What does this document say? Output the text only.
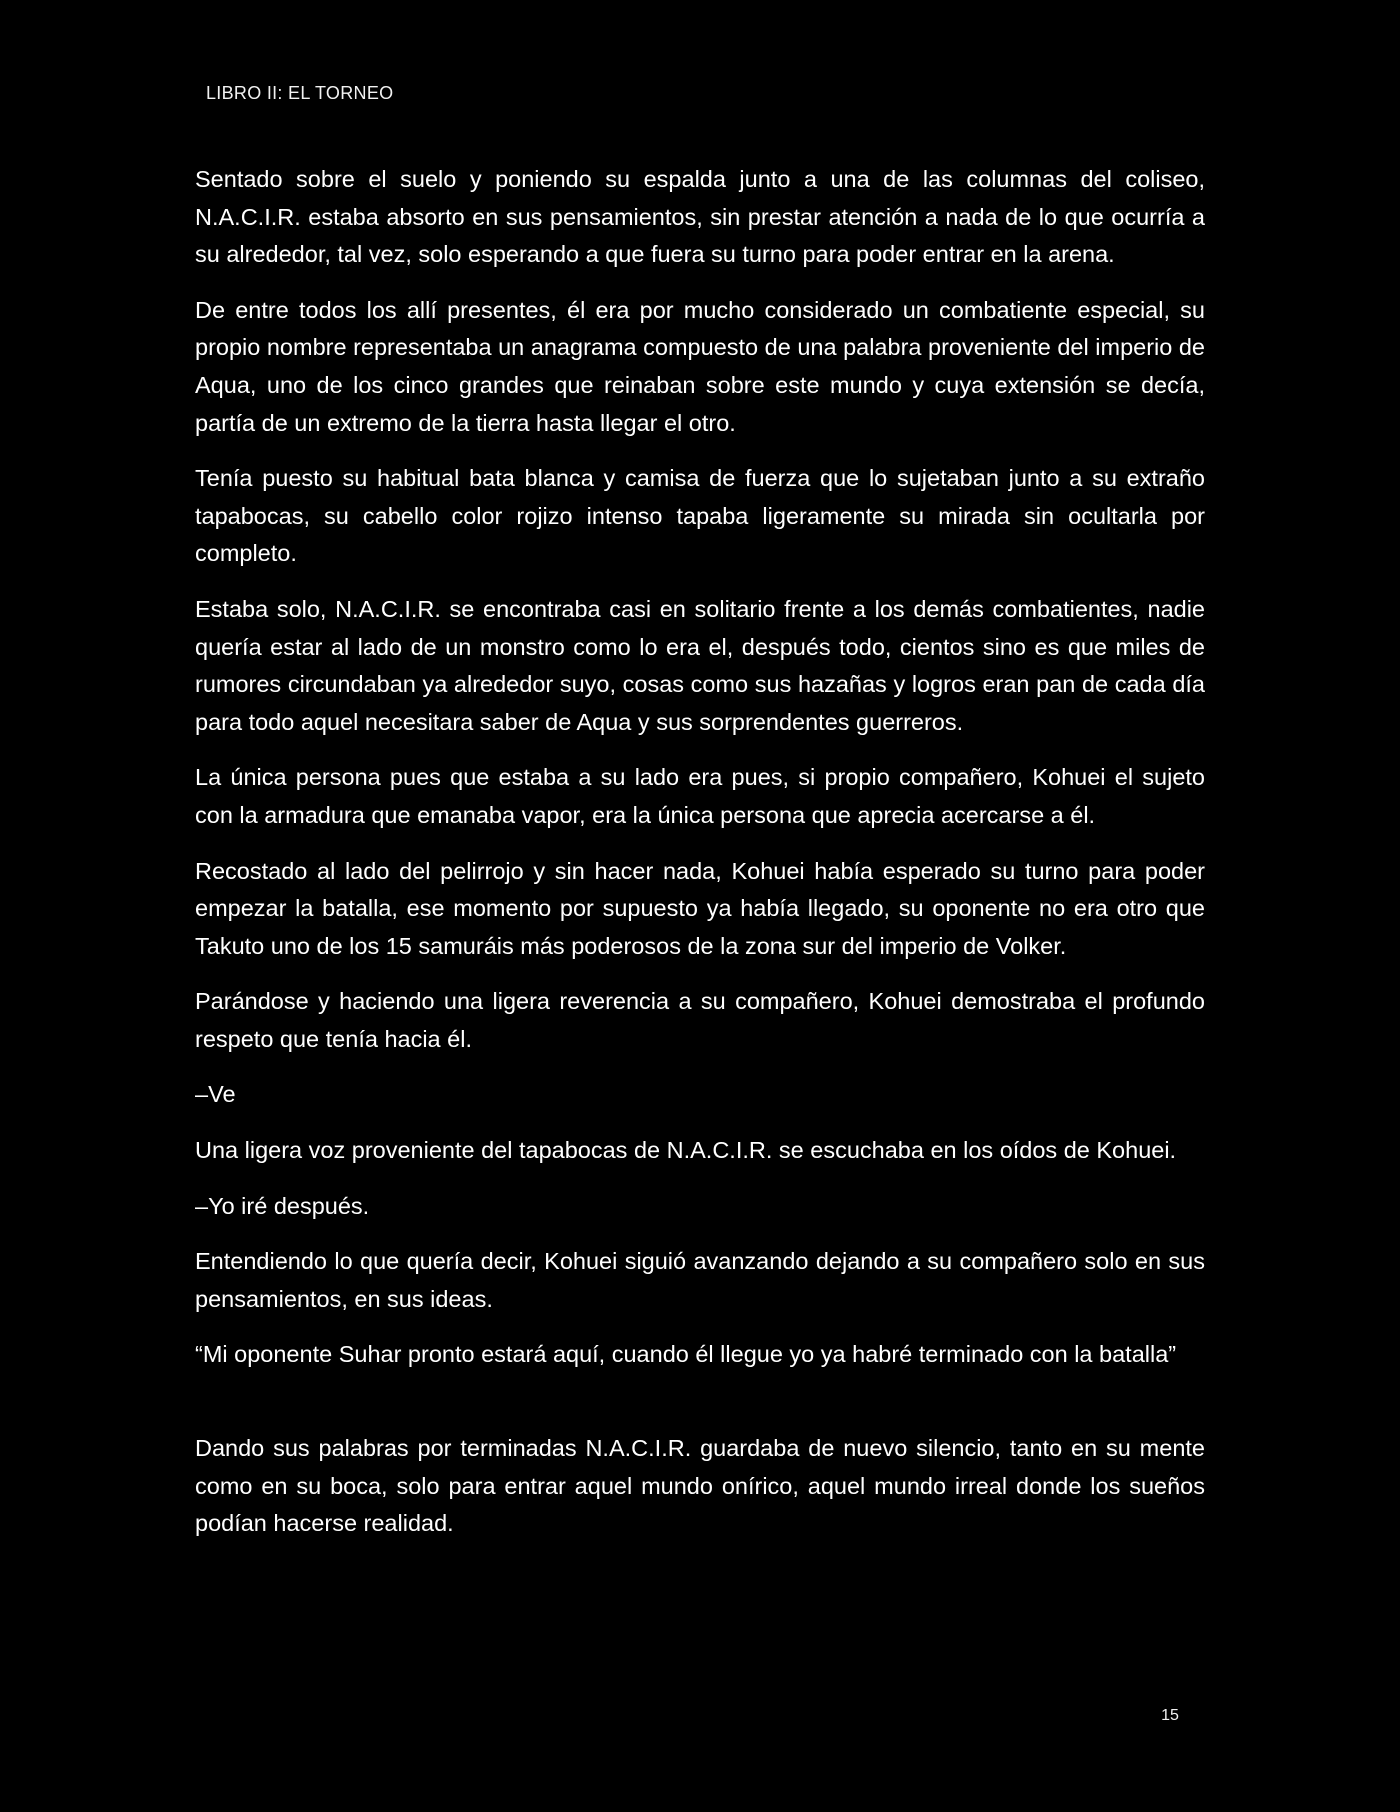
LIBRO II: EL TORNEO

Sentado sobre el suelo y poniendo su espalda junto a una de las columnas del coliseo, N.A.C.I.R. estaba absorto en sus pensamientos, sin prestar atención a nada de lo que ocurría a su alrededor, tal vez, solo esperando a que fuera su turno para poder entrar en la arena.

De entre todos los allí presentes, él era por mucho considerado un combatiente especial, su propio nombre representaba un anagrama compuesto de una palabra proveniente del imperio de Aqua, uno de los cinco grandes que reinaban sobre este mundo y cuya extensión se decía, partía de un extremo de la tierra hasta llegar el otro.

Tenía puesto su habitual bata blanca y camisa de fuerza que lo sujetaban junto a su extraño tapabocas, su cabello color rojizo intenso tapaba ligeramente su mirada sin ocultarla por completo.

Estaba solo, N.A.C.I.R. se encontraba casi en solitario frente a los demás combatientes, nadie quería estar al lado de un monstro como lo era el, después todo, cientos sino es que miles de rumores circundaban ya alrededor suyo, cosas como sus hazañas y logros eran pan de cada día para todo aquel necesitara saber de Aqua y sus sorprendentes guerreros.

La única persona pues que estaba a su lado era pues, si propio compañero, Kohuei el sujeto con la armadura que emanaba vapor, era la única persona que aprecia acercarse a él.

Recostado al lado del pelirrojo y sin hacer nada, Kohuei había esperado su turno para poder empezar la batalla, ese momento por supuesto ya había llegado, su oponente no era otro que Takuto uno de los 15 samuráis más poderosos de la zona sur del imperio de Volker.

Parándose y haciendo una ligera reverencia a su compañero, Kohuei demostraba el profundo respeto que tenía hacia él.

–Ve

Una ligera voz proveniente del tapabocas de N.A.C.I.R. se escuchaba en los oídos de Kohuei.

–Yo iré después.

Entendiendo lo que quería decir, Kohuei siguió avanzando dejando a su compañero solo en sus pensamientos, en sus ideas.

“Mi oponente Suhar pronto estará aquí, cuando él llegue yo ya habré terminado con la batalla”

Dando sus palabras por terminadas N.A.C.I.R. guardaba de nuevo silencio, tanto en su mente como en su boca, solo para entrar aquel mundo onírico, aquel mundo irreal donde los sueños podían hacerse realidad.

15
